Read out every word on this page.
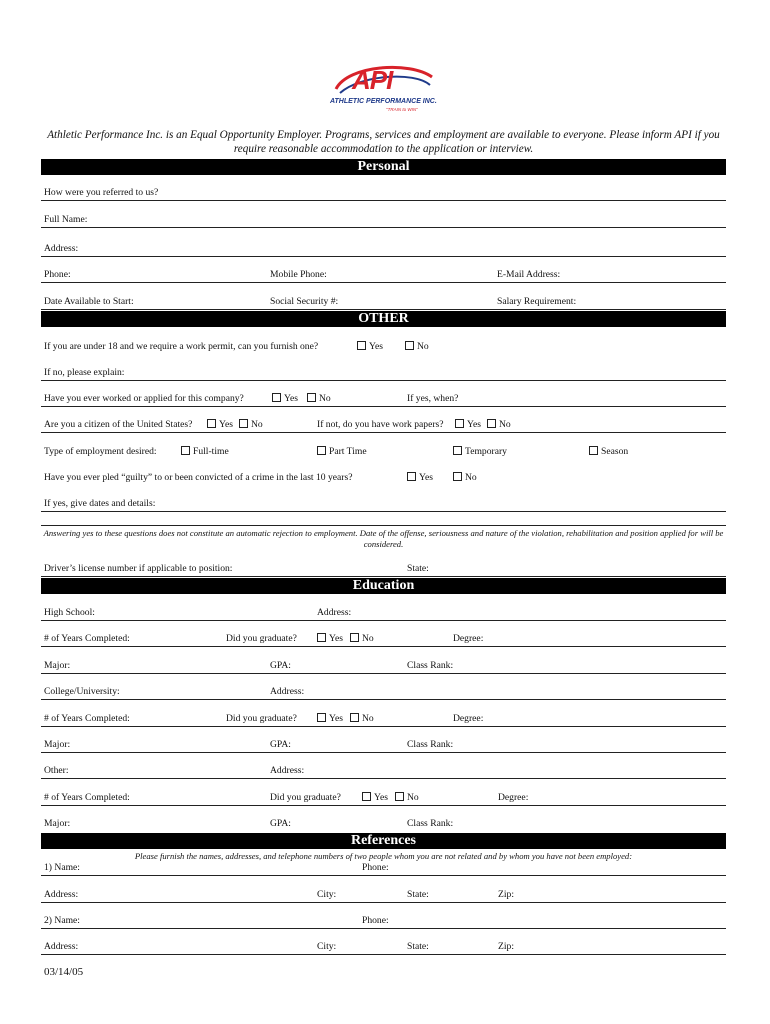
API
ATHLETIC PERFORMANCE INC.
"TRAIN to WIN"
Athletic Performance Inc. is an Equal Opportunity Employer. Programs, services and employment are available to everyone. Please inform API if you require reasonable accommodation to the application or interview.
Personal
How were you referred to us?
Full Name:
Address:
Phone:	Mobile Phone:	E-Mail Address:
Date Available to Start:	Social Security #:	Salary Requirement:
OTHER
If you are under 18 and we require a work permit, can you furnish one?	Yes	No
If no, please explain:
Have you ever worked or applied for this company?	Yes	No	If yes, when?
Are you a citizen of the United States?	Yes	No	If not, do you have work papers?	Yes	No
Type of employment desired:	Full-time	Part Time	Temporary	Season
Have you ever pled “guilty” to or been convicted of a crime in the last 10 years?	Yes	No
If yes, give dates and details:
Answering yes to these questions does not constitute an automatic rejection to employment. Date of the offense, seriousness and nature of the violation, rehabilitation and position applied for will be considered.
Driver’s license number if applicable to position:	State:
Education
High School:	Address:
# of Years Completed:	Did you graduate?	Yes	No	Degree:
Major:	GPA:	Class Rank:
College/University:	Address:
# of Years Completed:	Did you graduate?	Yes	No	Degree:
Major:	GPA:	Class Rank:
Other:	Address:
# of Years Completed:	Did you graduate?	Yes	No	Degree:
Major:	GPA:	Class Rank:
References
Please furnish the names, addresses, and telephone numbers of two people whom you are not related and by whom you have not been employed:
1) Name:	Phone:
Address:	City:	State:	Zip:
2) Name:	Phone:
Address:	City:	State:	Zip:
03/14/05
